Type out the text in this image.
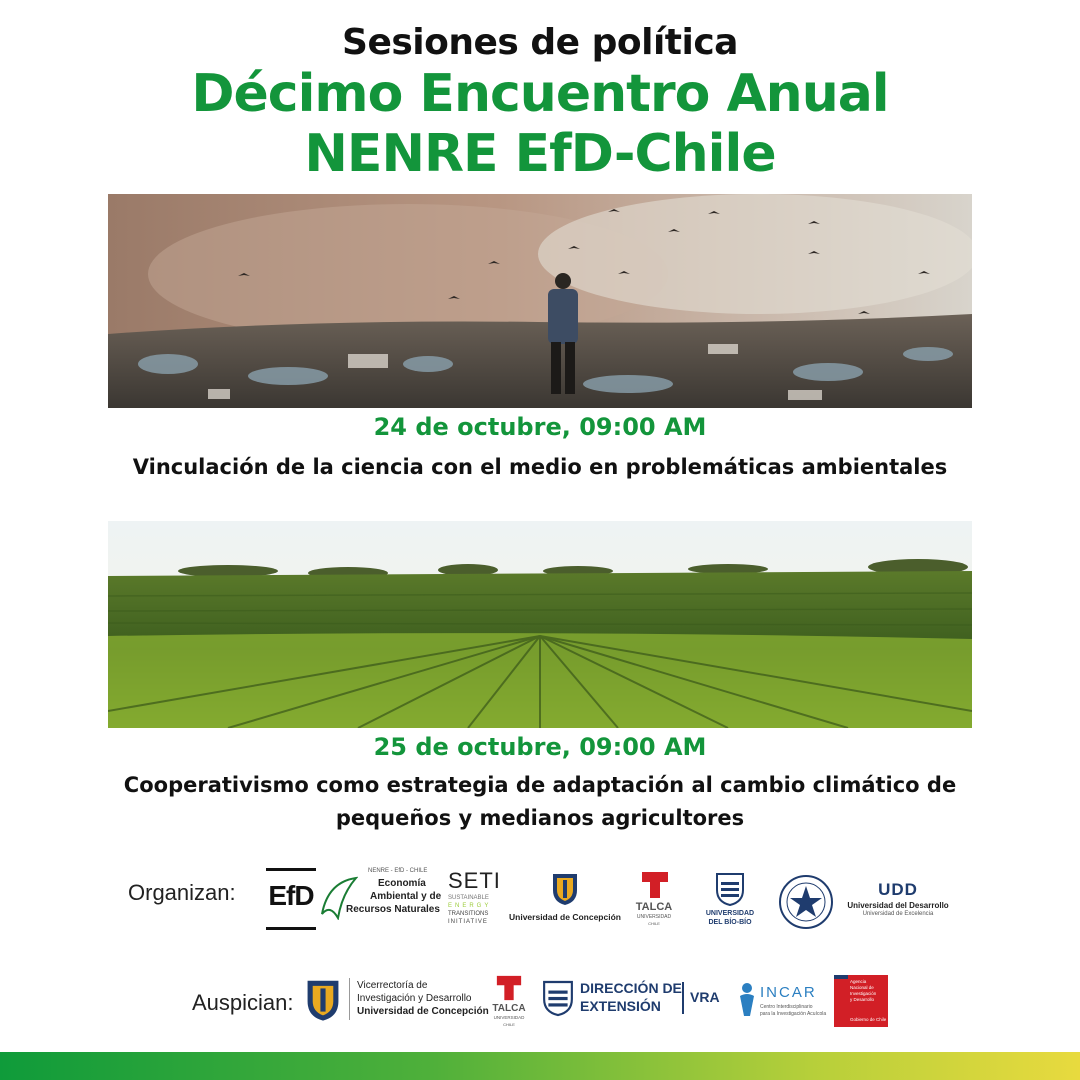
Sesiones de política
Décimo Encuentro Anual
NENRE EfD-Chile
24 de octubre, 09:00 AM
Vinculación de la ciencia con el medio en problemáticas ambientales
25 de octubre, 09:00 AM
Cooperativismo como estrategia de adaptación al cambio climático de pequeños y medianos agricultores
Organizan: EfD
NENRE - EfD - CHILE
Economía
Ambiental y de
Recursos Naturales
SETI
SUSTAINABLE
ENERGY
TRANSITIONS
INITIATIVE Universidad de Concepción
TALCA
UNIVERSIDAD
CHILE
UNIVERSIDAD
DEL BÍO-BÍO
UDD
Universidad del Desarrollo
Universidad de Excelencia
Auspician:
Vicerrectoría de
Investigación y Desarrollo
Universidad de Concepción TALCA
UNIVERSIDAD
CHILE
DIRECCIÓN DE
EXTENSIÓN
VRA	INCAR
Centro Interdisciplinario
para la Investigación Acuícola
Agencia
Nacional de
Investigación
y Desarrollo
Gobierno de Chile
